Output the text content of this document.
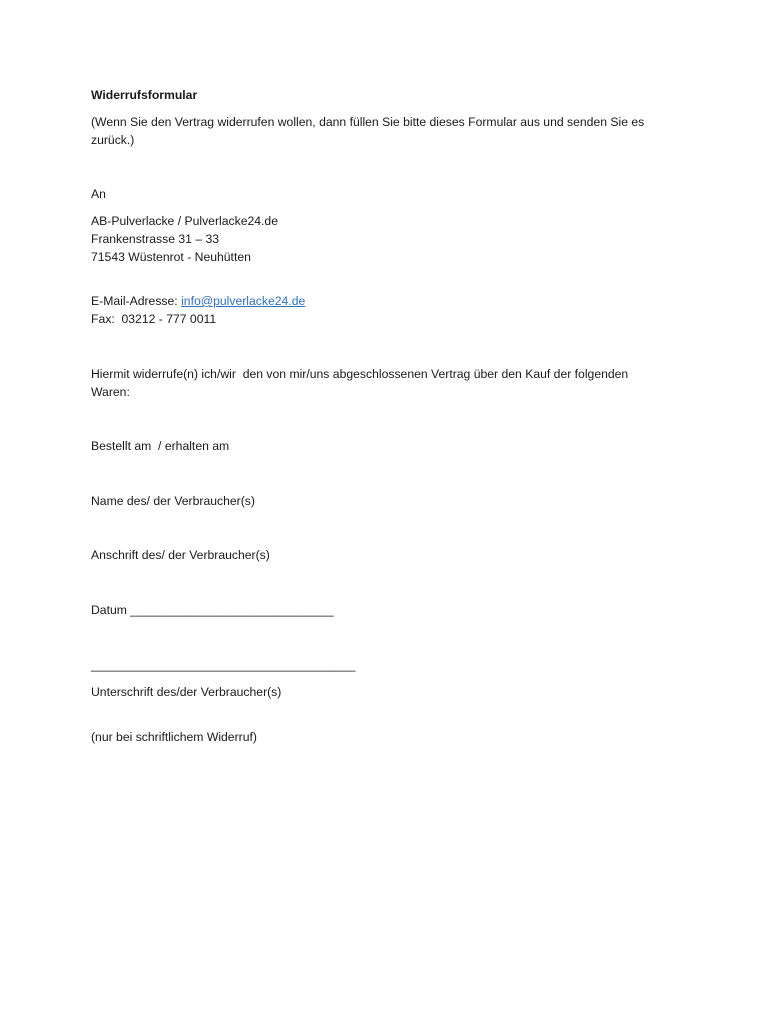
Widerrufsformular

(Wenn Sie den Vertrag widerrufen wollen, dann füllen Sie bitte dieses Formular aus und senden Sie es

zurück.)

An

AB-Pulverlacke / Pulverlacke24.de

Frankenstrasse 31 – 33

71543 Wüstenrot - Neuhütten

E-Mail-Adresse: info@pulverlacke24.de

Fax:  03212 - 777 0011

Hiermit widerrufe(n) ich/wir  den von mir/uns abgeschlossenen Vertrag über den Kauf der folgenden

Waren:

Bestellt am  / erhalten am

Name des/ der Verbraucher(s)

Anschrift des/ der Verbraucher(s)

Datum ______________________________

_______________________________________

Unterschrift des/der Verbraucher(s)

(nur bei schriftlichem Widerruf)
